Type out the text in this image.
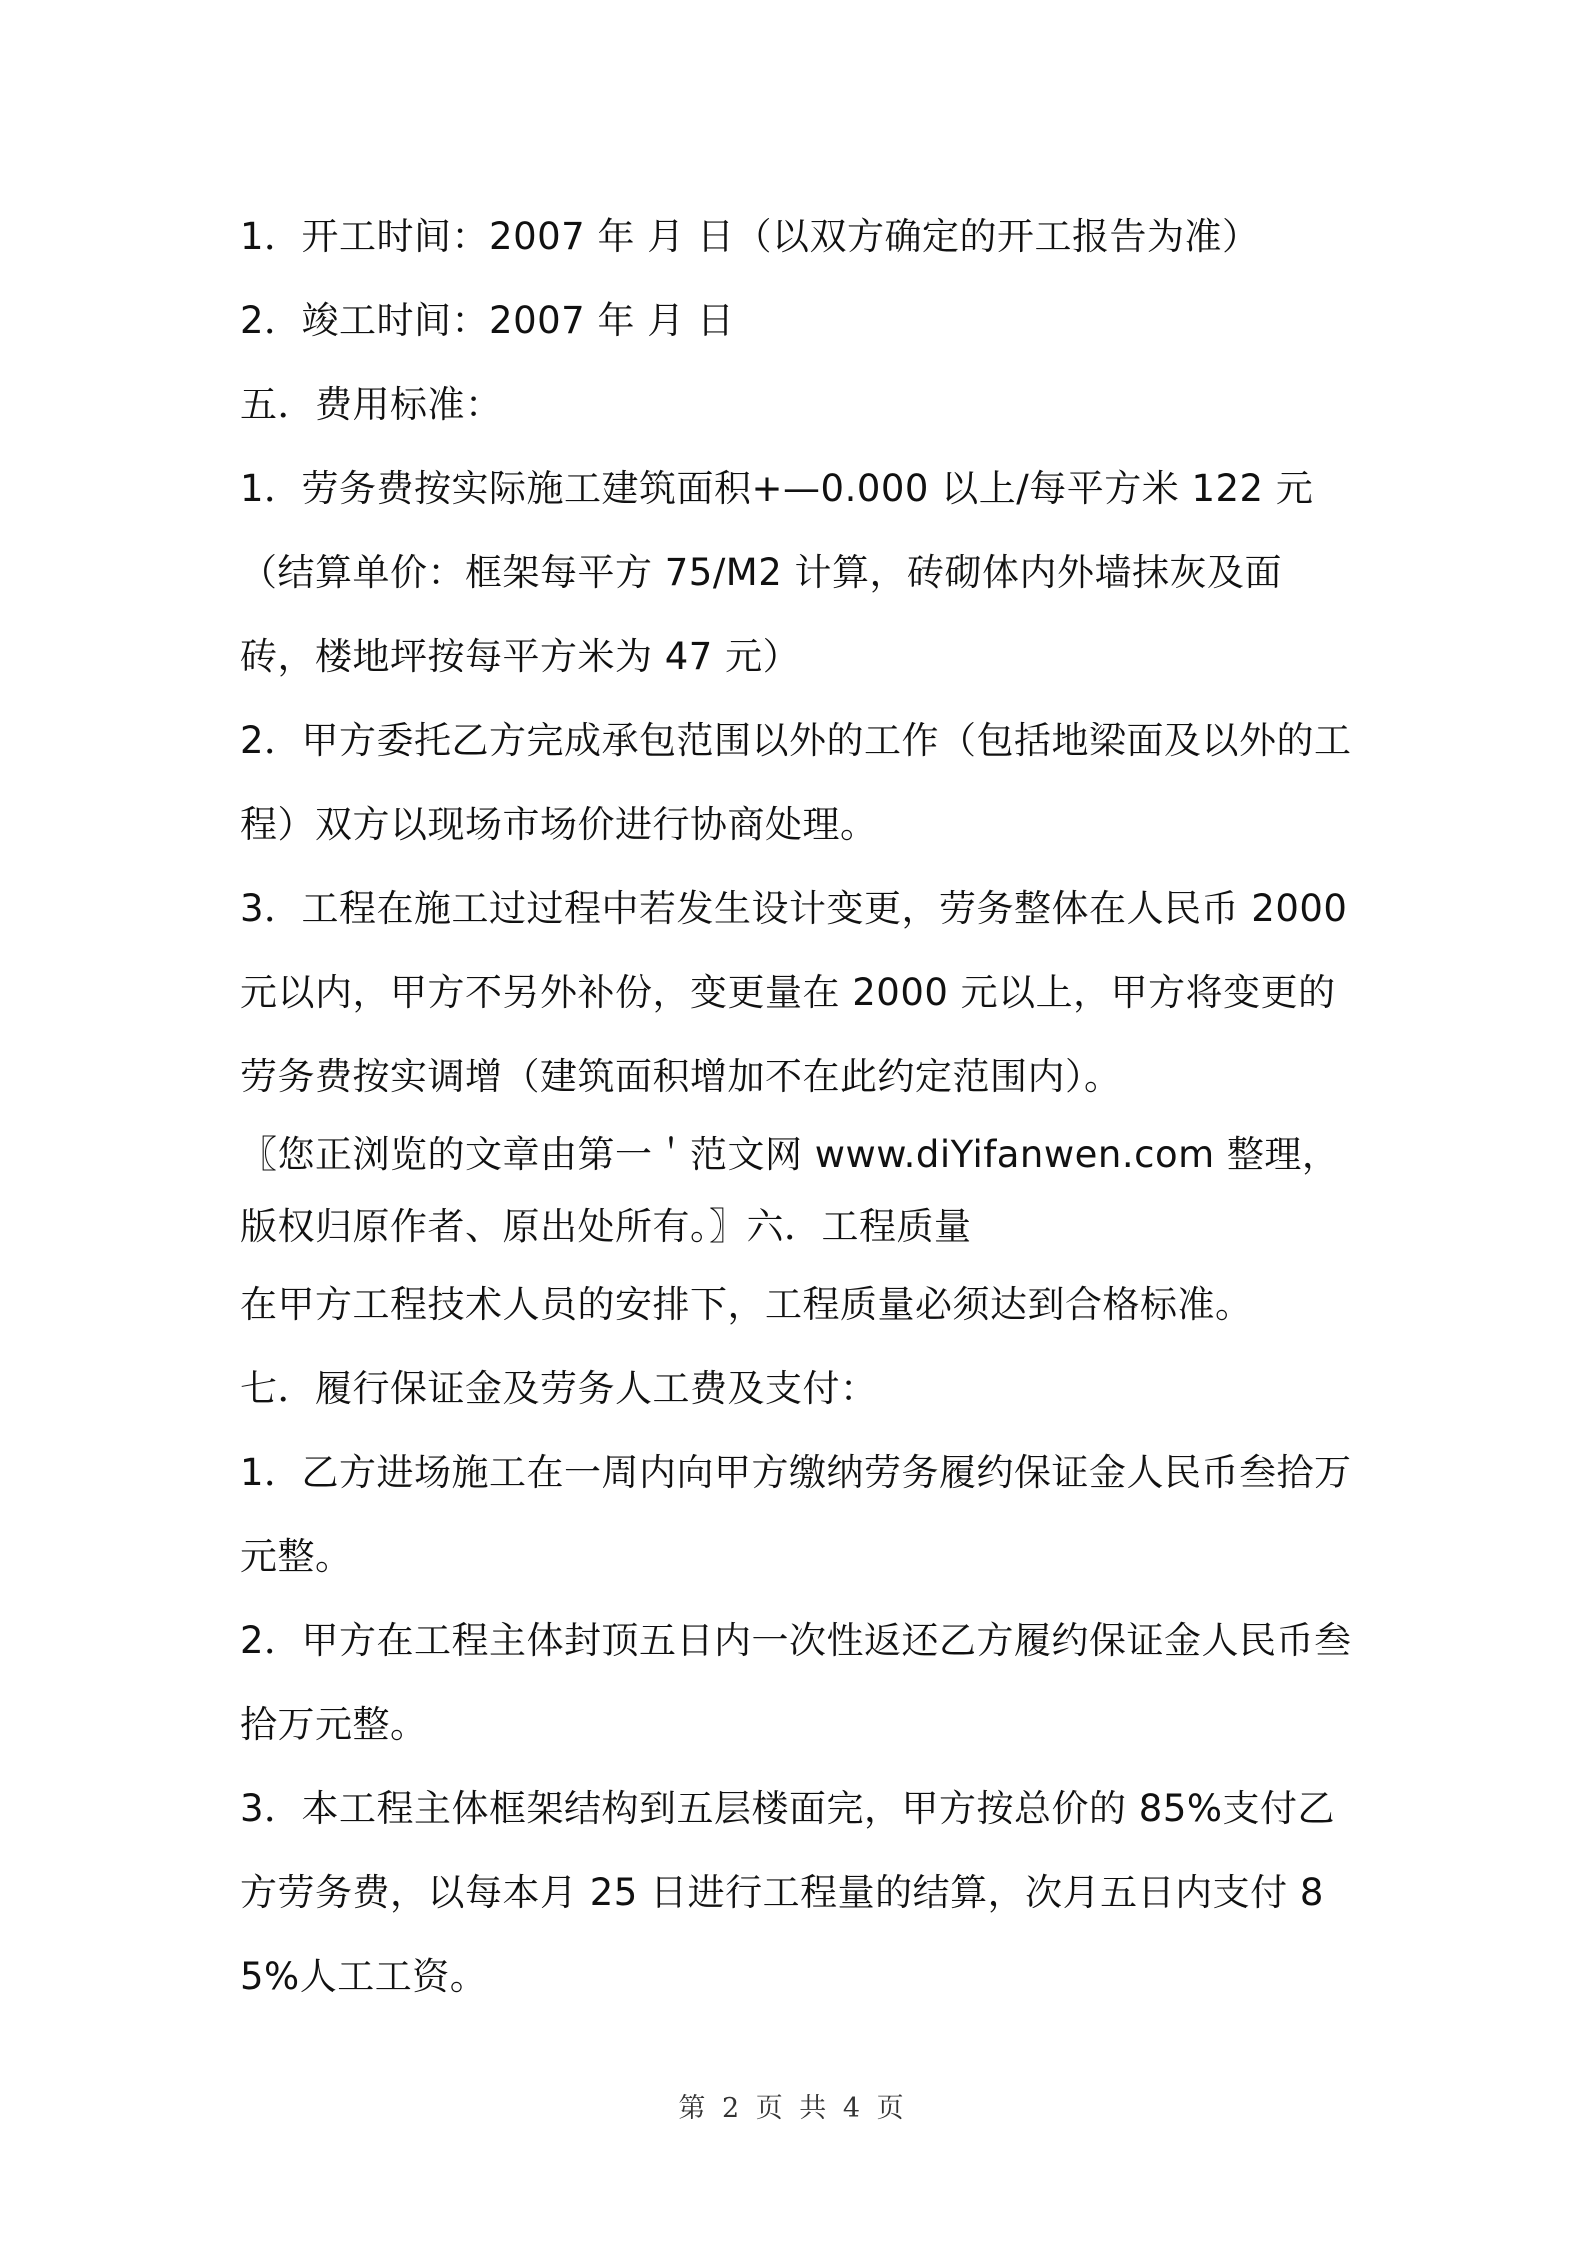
1．开工时间：2007 年 月 日（以双方确定的开工报告为准）

2．竣工时间：2007 年 月 日

五．费用标准：

1．劳务费按实际施工建筑面积+—0.000 以上/每平方米 122 元（结算单价：框架每平方 75/M2 计算，砖砌体内外墙抹灰及面砖，楼地坪按每平方米为 47 元）

2．甲方委托乙方完成承包范围以外的工作（包括地梁面及以外的工程）双方以现场市场价进行协商处理。

3．工程在施工过过程中若发生设计变更，劳务整体在人民币 2000 元以内，甲方不另外补份，变更量在 2000 元以上，甲方将变更的劳务费按实调增（建筑面积增加不在此约定范围内）。

〖您正浏览的文章由第一＇范文网 www.diYifanwen.com 整理，版权归原作者、原出处所有。〗六．工程质量

在甲方工程技术人员的安排下，工程质量必须达到合格标准。

七．履行保证金及劳务人工费及支付：

1．乙方进场施工在一周内向甲方缴纳劳务履约保证金人民币叁拾万元整。

2．甲方在工程主体封顶五日内一次性返还乙方履约保证金人民币叁拾万元整。

3．本工程主体框架结构到五层楼面完，甲方按总价的 85%支付乙方劳务费，以每本月 25 日进行工程量的结算，次月五日内支付 85%人工工资。

第 2 页 共 4 页
